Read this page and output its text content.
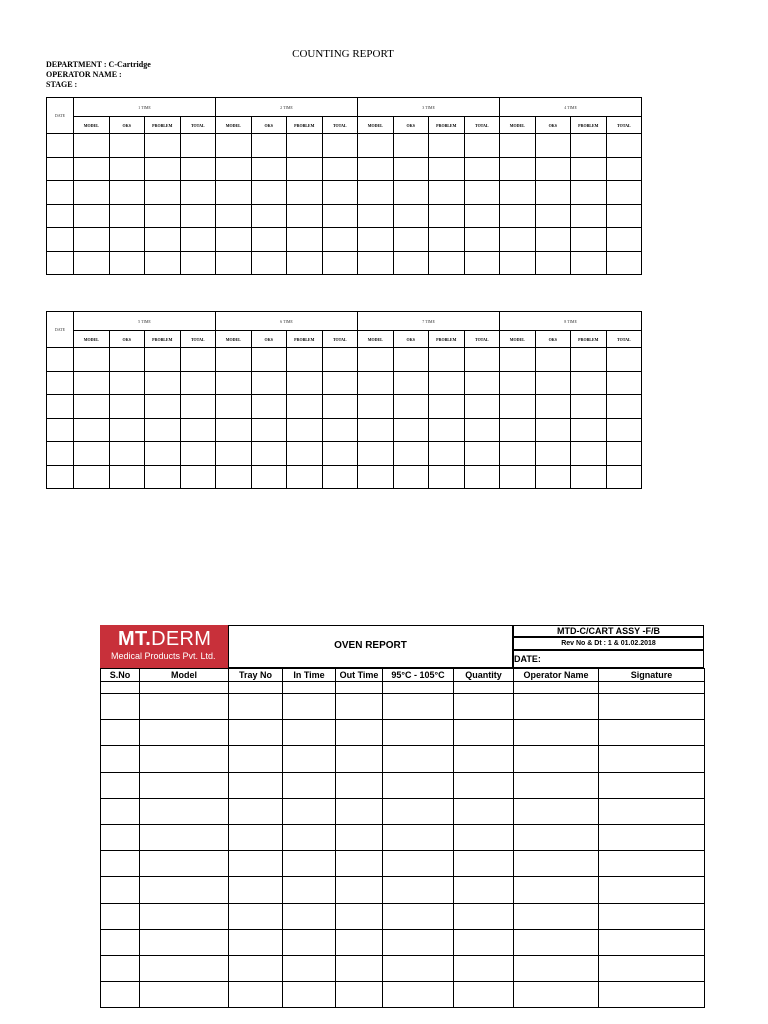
COUNTING REPORT
DEPARTMENT : C-Cartridge
OPERATOR NAME :
STAGE :
DATE	1 TIME				2 TIME				3 TIME				4 TIME			
	MODEL	OKS	PROBLEM	TOTAL	MODEL	OKS	PROBLEM	TOTAL	MODEL	OKS	PROBLEM	TOTAL	MODEL	OKS	PROBLEM	TOTAL

DATE	5 TIME				6 TIME				7 TIME				8 TIME			
	MODEL	OKS	PROBLEM	TOTAL	MODEL	OKS	PROBLEM	TOTAL	MODEL	OKS	PROBLEM	TOTAL	MODEL	OKS	PROBLEM	TOTAL

MT.DERM
Medical Products Pvt. Ltd.
OVEN REPORT
MTD-C/CART ASSY -F/B
Rev No & Dt : 1 & 01.02.2018
DATE:
S.No	Model	Tray No	In Time	Out Time	95°C - 105°C	Quantity	Operator Name	Signature
